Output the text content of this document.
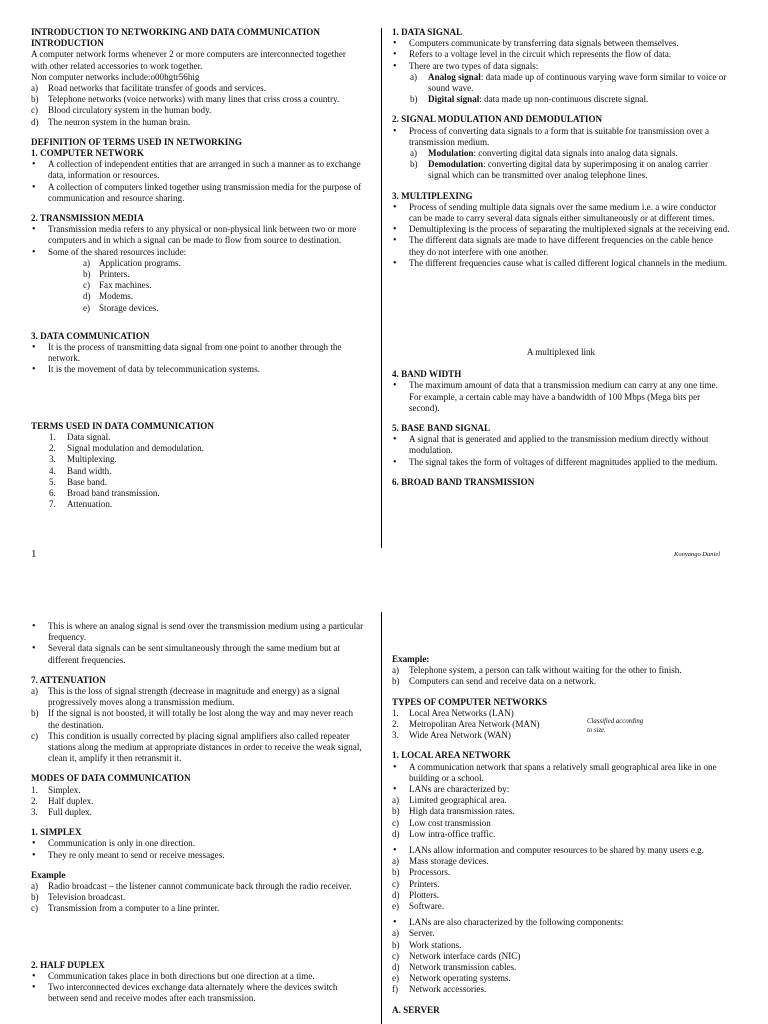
INTRODUCTION TO NETWORKING AND DATA COMMUNICATION
INTRODUCTION

A computer network forms whenever 2 or more computers are interconnected together with other related accessories to work together.

Non computer networks include:o00hgtr56hig

a) Road networks that facilitate transfer of goods and services.
b) Telephone networks (voice networks) with many lines that criss cross a country.
c) Blood circulatory system in the human body.
d) The neuron system in the human brain.
DEFINITION OF TERMS USED IN NETWORKING
1. COMPUTER NETWORK
• A collection of independent entities that are arranged in such a manner as to exchange data, information or resources.
• A collection of computers linked together using transmission media for the purpose of communication and resource sharing.
2. TRANSMISSION MEDIA
• Transmission media refers to any physical or non-physical link between two or more computers and in which a signal can be made to flow from source to destination.
• Some of the shared resources include:
a) Application programs.
b) Printers.
c) Fax machines.
d) Modems.
e) Storage devices.
3. DATA COMMUNICATION
• It is the process of transmitting data signal from one point to another through the network.
• It is the movement of data by telecommunication systems.
TERMS USED IN DATA COMMUNICATION
1. Data signal.
2. Signal modulation and demodulation.
3. Multiplexing.
4. Band width.
5. Base band.
6. Broad band transmission.
7. Attenuation.
1. DATA SIGNAL
• Computers communicate by transferring data signals between themselves.
• Refers to a voltage level in the circuit which represents the flow of data.
• There are two types of data signals:
a) Analog signal: data made up of continuous varying wave form similar to voice or sound wave.
b) Digital signal: data made up non-continuous discrete signal.
2. SIGNAL MODULATION AND DEMODULATION
• Process of converting data signals to a form that is suitable for transmission over a transmission medium.
a) Modulation: converting digital data signals into analog data signals.
b) Demodulation: converting digital data by superimposing it on analog carrier signal which can be transmitted over analog telephone lines.
3. MULTIPLEXING
• Process of sending multiple data signals over the same medium i.e. a wire conductor can be made to carry several data signals either simultaneously or at different times.
• Demultiplexing is the process of separating the multiplexed signals at the receiving end.
• The different data signals are made to have different frequencies on the cable hence they do not interfere with one another.
• The different frequencies cause what is called different logical channels in the medium.

A multiplexed link

4. BAND WIDTH
• The maximum amount of data that a transmission medium can carry at any one time. For example, a certain cable may have a bandwidth of 100 Mbps (Mega bits per second).
5. BASE BAND SIGNAL
• A signal that is generated and applied to the transmission medium directly without modulation.
• The signal takes the form of voltages of different magnitudes applied to the medium.
6. BROAD BAND TRANSMISSION
1	Konyango Daniel
• This is where an analog signal is send over the transmission medium using a particular frequency.
• Several data signals can be sent simultaneously through the same medium but at different frequencies.
7. ATTENUATION
a) This is the loss of signal strength (decrease in magnitude and energy) as a signal progressively moves along a transmission medium.
b) If the signal is not boosted, it will totally be lost along the way and may never reach the destination.
c) This condition is usually corrected by placing signal amplifiers also called repeater stations along the medium at appropriate distances in order to receive the weak signal, clean it, amplify it then retransmit it.
MODES OF DATA COMMUNICATION
1. Simplex.
2. Half duplex.
3. Full duplex.
1. SIMPLEX
• Communication is only in one direction.
• They re only meant to send or receive messages.
Example
a) Radio broadcast – the listener cannot communicate back through the radio receiver.
b) Television broadcast.
c) Transmission from a computer to a line printer.
2. HALF DUPLEX
• Communication takes place in both directions but one direction at a time.
• Two interconnected devices exchange data alternately where the devices switch between send and receive modes after each transmission.
Example:
a) Telephone system, a person can talk without waiting for the other to finish.
b) Computers can send and receive data on a network.
TYPES OF COMPUTER NETWORKS
1. Local Area Networks (LAN)
2. Metropolitan Area Network (MAN)
3. Wide Area Network (WAN)
1. LOCAL AREA NETWORK
• A communication network that spans a relatively small geographical area like in one building or a school.
• LANs are characterized by:
a) Limited geographical area.
b) High data transmission rates.
c) Low cost transmission
d) Low intra-office traffic.
• LANs allow information and computer resources to be shared by many users e.g.
a) Mass storage devices.
b) Processors.
c) Printers.
d) Plotters.
e) Software.
• LANs are also characterized by the following components:
a) Server.
b) Work stations.
c) Network interface cards (NIC)
d) Network transmission cables.
e) Network operating systems.
f) Network accessories.
A. SERVER
Classified according to size.
